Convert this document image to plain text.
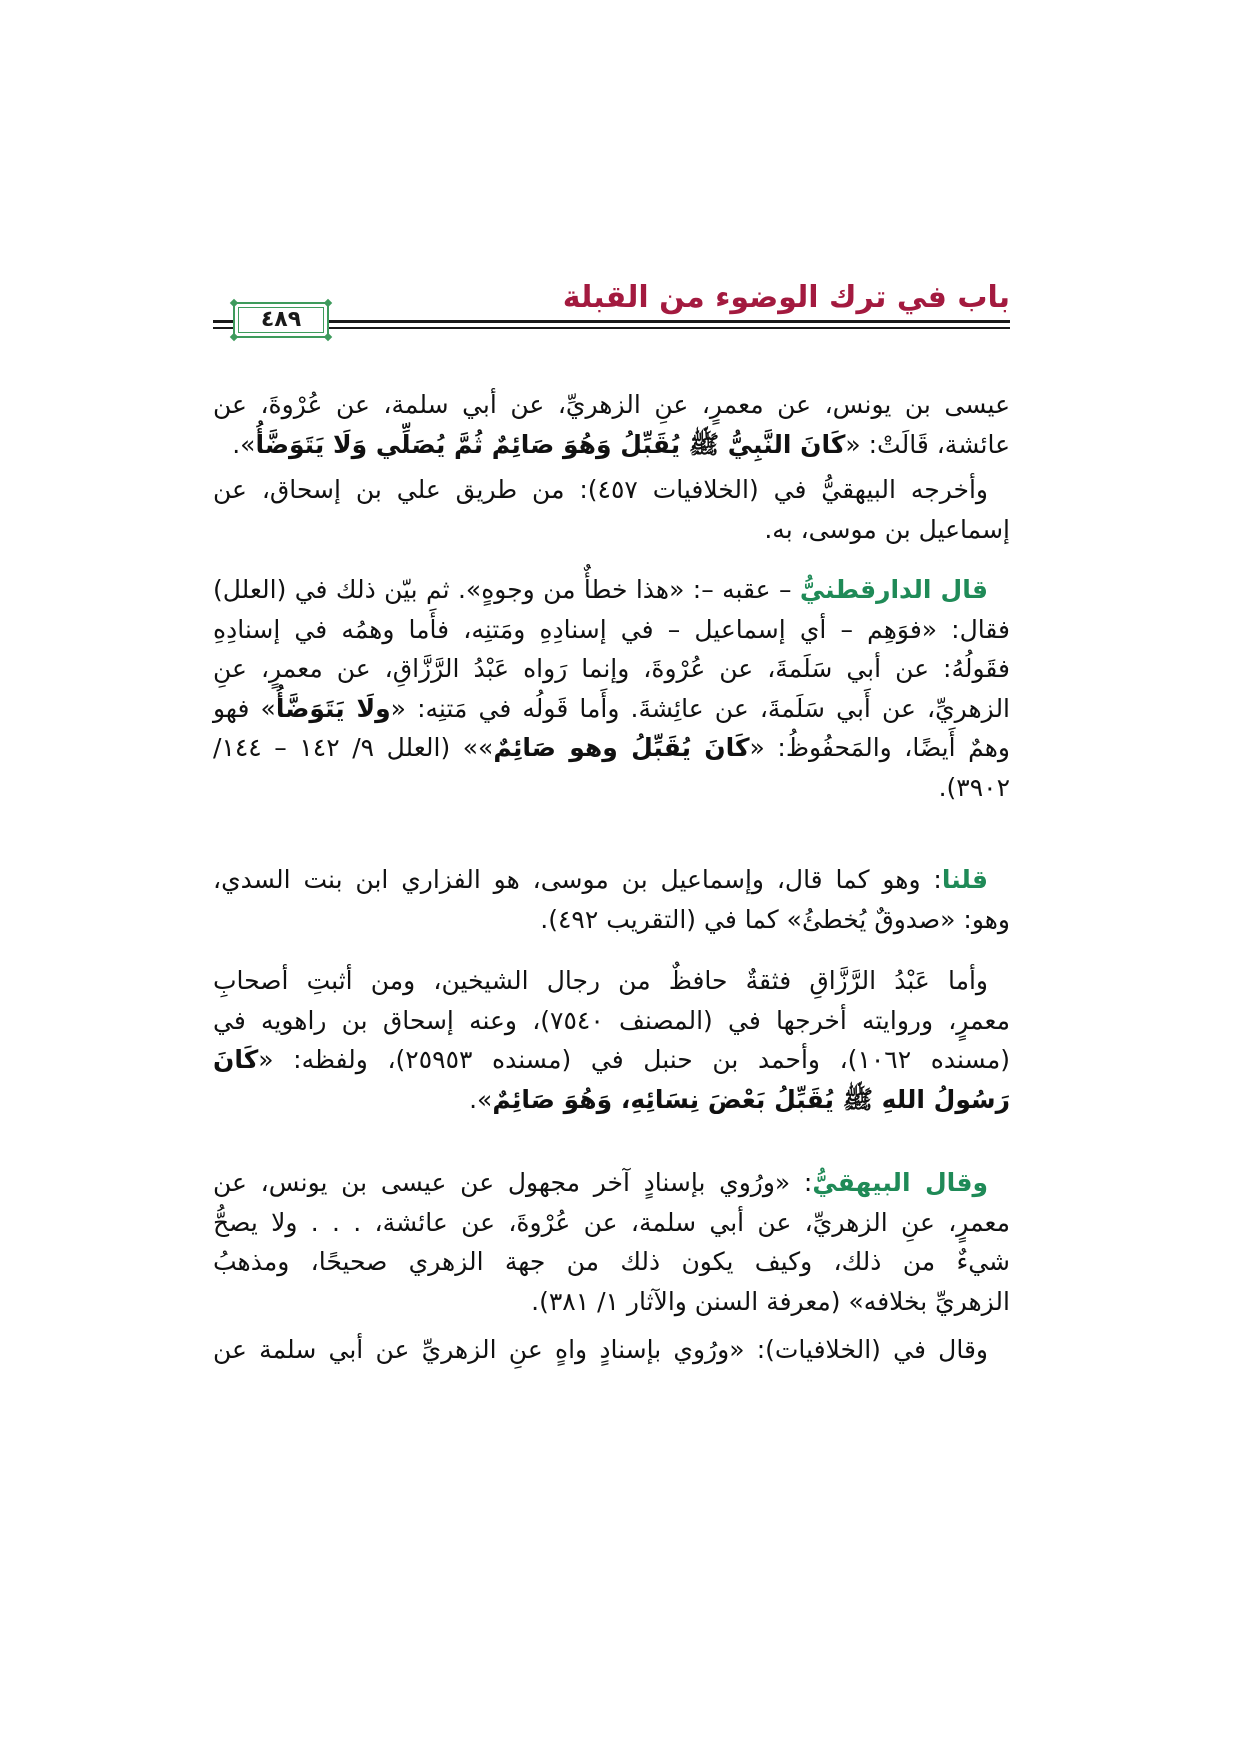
باب في ترك الوضوء من القبلة
٤٨٩
عيسى بن يونس، عن معمرٍ، عنِ الزهريِّ، عن أبي سلمة، عن عُرْوةَ، عن
عائشة، قَالَتْ: «كَانَ النَّبِيُّ ﷺ يُقَبِّلُ وَهُوَ صَائِمٌ ثُمَّ يُصَلِّي وَلَا يَتَوَضَّأُ».
وأخرجه البيهقيُّ في (الخلافيات ٤٥٧): من طريق علي بن إسحاق، عن
إسماعيل بن موسى، به.
قال الدارقطنيُّ – عقبه –: «هذا خطأٌ من وجوهٍ». ثم بيّن ذلك في (العلل)
فقال: «فوَهِم – أي إسماعيل – في إسنادِهِ ومَتنِه، فأَما وهمُه في إسنادِهِ
فقَولُهُ: عن أبي سَلَمةَ، عن عُرْوةَ، وإنما رَواه عَبْدُ الرَّزَّاقِ، عن معمرٍ، عنِ
الزهريِّ، عن أَبي سَلَمةَ، عن عائِشةَ. وأَما قَولُه في مَتنِه: «ولَا يَتَوَضَّأُ» فهو
وهمٌ أَيضًا، والمَحفُوظُ: «كَانَ يُقَبِّلُ وهو صَائِمٌ»» (العلل ٩/ ١٤٢ – ١٤٤/
٣٩٠٢).
قلنا: وهو كما قال، وإسماعيل بن موسى، هو الفزاري ابن بنت السدي،
وهو: «صدوقٌ يُخطئُ» كما في (التقريب ٤٩٢).
وأما عَبْدُ الرَّزَّاقِ فثقةٌ حافظٌ من رجال الشيخين، ومن أثبتِ أصحابِ
معمرٍ، وروايته أخرجها في (المصنف ٧٥٤٠)، وعنه إسحاق بن راهويه في
(مسنده ١٠٦٢)، وأحمد بن حنبل في (مسنده ٢٥٩٥٣)، ولفظه: «كَانَ
رَسُولُ اللهِ ﷺ يُقَبِّلُ بَعْضَ نِسَائِهِ، وَهُوَ صَائِمٌ».
وقال البيهقيُّ: «ورُوي بإسنادٍ آخر مجهول عن عيسى بن يونس، عن
معمرٍ، عنِ الزهريِّ، عن أبي سلمة، عن عُرْوةَ، عن عائشة، . . . ولا يصحُّ
شيءٌ من ذلك، وكيف يكون ذلك من جهة الزهري صحيحًا، ومذهبُ
الزهريِّ بخلافه» (معرفة السنن والآثار ١/ ٣٨١).
وقال في (الخلافيات): «ورُوي بإسنادٍ واهٍ عنِ الزهريِّ عن أبي سلمة عن
